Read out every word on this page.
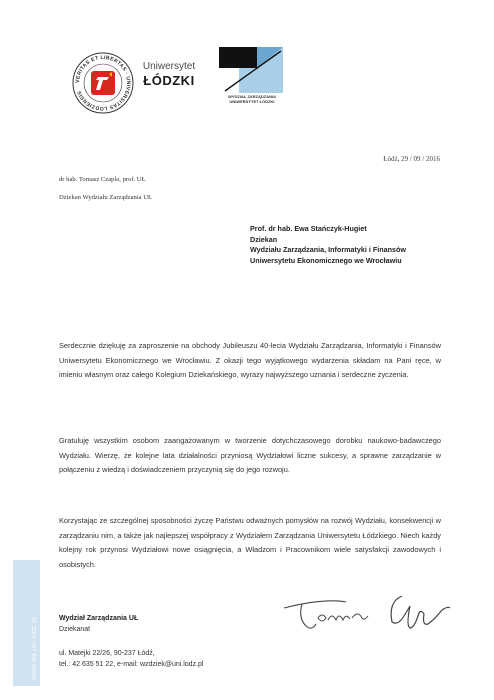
VERITAS ET LIBERTAS · UNIVERSITAS LODZIENSIS
Uniwersytet
ŁÓDZKI
WYDZIAŁ ZARZĄDZANIA
UNIWERSYTET ŁÓDZKI
Łódź, 29 / 09 / 2016
dr hab. Tomasz Czapla, prof. UŁ
Dziekan Wydziału Zarządzania UŁ
Prof. dr hab. Ewa Stańczyk-Hugiet
Dziekan
Wydziału Zarządzania, Informatyki i Finansów
Uniwersytetu Ekonomicznego we Wrocławiu

Serdecznie dziękuję za zaproszenie na obchody Jubileuszu 40-lecia Wydziału Zarządzania, Informatyki i Finansów Uniwersytetu Ekonomicznego we Wrocławiu. Z okazji tego wyjątkowego wydarzenia składam na Pani ręce, w imieniu własnym oraz całego Kolegium Dziekańskiego, wyrazy najwyższego uznania i serdeczne życzenia.

Gratuluję wszystkim osobom zaangażowanym w tworzenie dotychczasowego dorobku naukowo-badawczego Wydziału. Wierzę, że kolejne lata działalności przyniosą Wydziałowi liczne sukcesy, a sprawne zarządzanie w połączeniu z wiedzą i doświadczeniem przyczynią się do jego rozwoju.

Korzystając ze szczególnej sposobności życzę Państwu odważnych pomysłów na rozwój Wydziału, konsekwencji w zarządzaniu nim, a także jak najlepszej współpracy z Wydziałem Zarządzania Uniwersytetu Łódzkiego. Niech każdy kolejny rok przynosi Wydziałowi nowe osiągnięcia, a Władzom i Pracownikom wiele satysfakcji zawodowych i osobistych.

www.wz.uni.lodz.pl	Wydział Zarządzania UŁ
Dziekanat
ul. Matejki 22/26, 90-237 Łódź,
tel.: 42 635 51 22, e-mail: wzdziek@uni.lodz.pl
